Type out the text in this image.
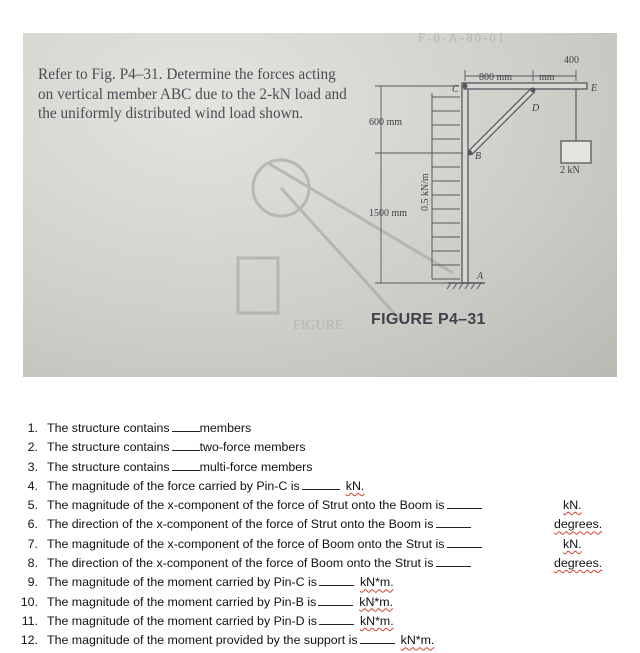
F-0-A-80-01
FIGURE
Refer to Fig. P4–31. Determine the forces acting on vertical member ABC due to the 2-kN load and the uniformly distributed wind load shown.
800 mm
400
mm
600 mm
1500 mm
2 kN
0.5 kN/m
C
B
A
D
E
FIGURE P4–31
1. The structure contains members
2. The structure contains two-force members
3. The structure contains multi-force members
4. The magnitude of the force carried by Pin-C is	kN.
5. The magnitude of the x-component of the force of Strut onto the Boom is	kN.
6. The direction of the x-component of the force of Strut onto the Boom is	degrees.
7. The magnitude of the x-component of the force of Boom onto the Strut is	kN.
8. The direction of the x-component of the force of Boom onto the Strut is	degrees.
9. The magnitude of the moment carried by Pin-C is	kN*m.
10. The magnitude of the moment carried by Pin-B is	kN*m.
11. The magnitude of the moment carried by Pin-D is	kN*m.
12. The magnitude of the moment provided by the support is	kN*m.
